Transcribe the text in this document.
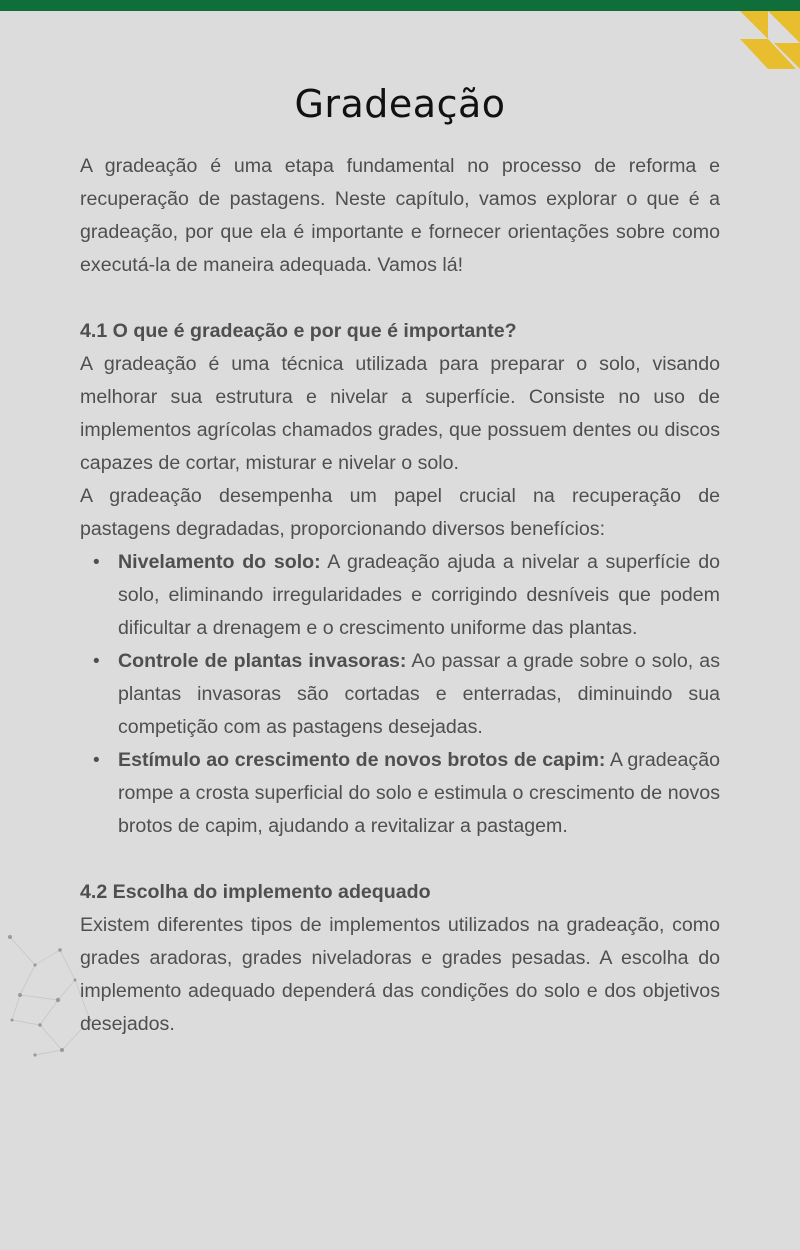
Gradeação

A gradeação é uma etapa fundamental no processo de reforma e recuperação de pastagens. Neste capítulo, vamos explorar o que é a gradeação, por que ela é importante e fornecer orientações sobre como executá-la de maneira adequada. Vamos lá!

4.1 O que é gradeação e por que é importante?

A gradeação é uma técnica utilizada para preparar o solo, visando melhorar sua estrutura e nivelar a superfície. Consiste no uso de implementos agrícolas chamados grades, que possuem dentes ou discos capazes de cortar, misturar e nivelar o solo.

A gradeação desempenha um papel crucial na recuperação de pastagens degradadas, proporcionando diversos benefícios:

• Nivelamento do solo: A gradeação ajuda a nivelar a superfície do solo, eliminando irregularidades e corrigindo desníveis que podem dificultar a drenagem e o crescimento uniforme das plantas.
• Controle de plantas invasoras: Ao passar a grade sobre o solo, as plantas invasoras são cortadas e enterradas, diminuindo sua competição com as pastagens desejadas.
• Estímulo ao crescimento de novos brotos de capim: A gradeação rompe a crosta superficial do solo e estimula o crescimento de novos brotos de capim, ajudando a revitalizar a pastagem.
4.2 Escolha do implemento adequado

Existem diferentes tipos de implementos utilizados na gradeação, como grades aradoras, grades niveladoras e grades pesadas. A escolha do implemento adequado dependerá das condições do solo e dos objetivos desejados.
